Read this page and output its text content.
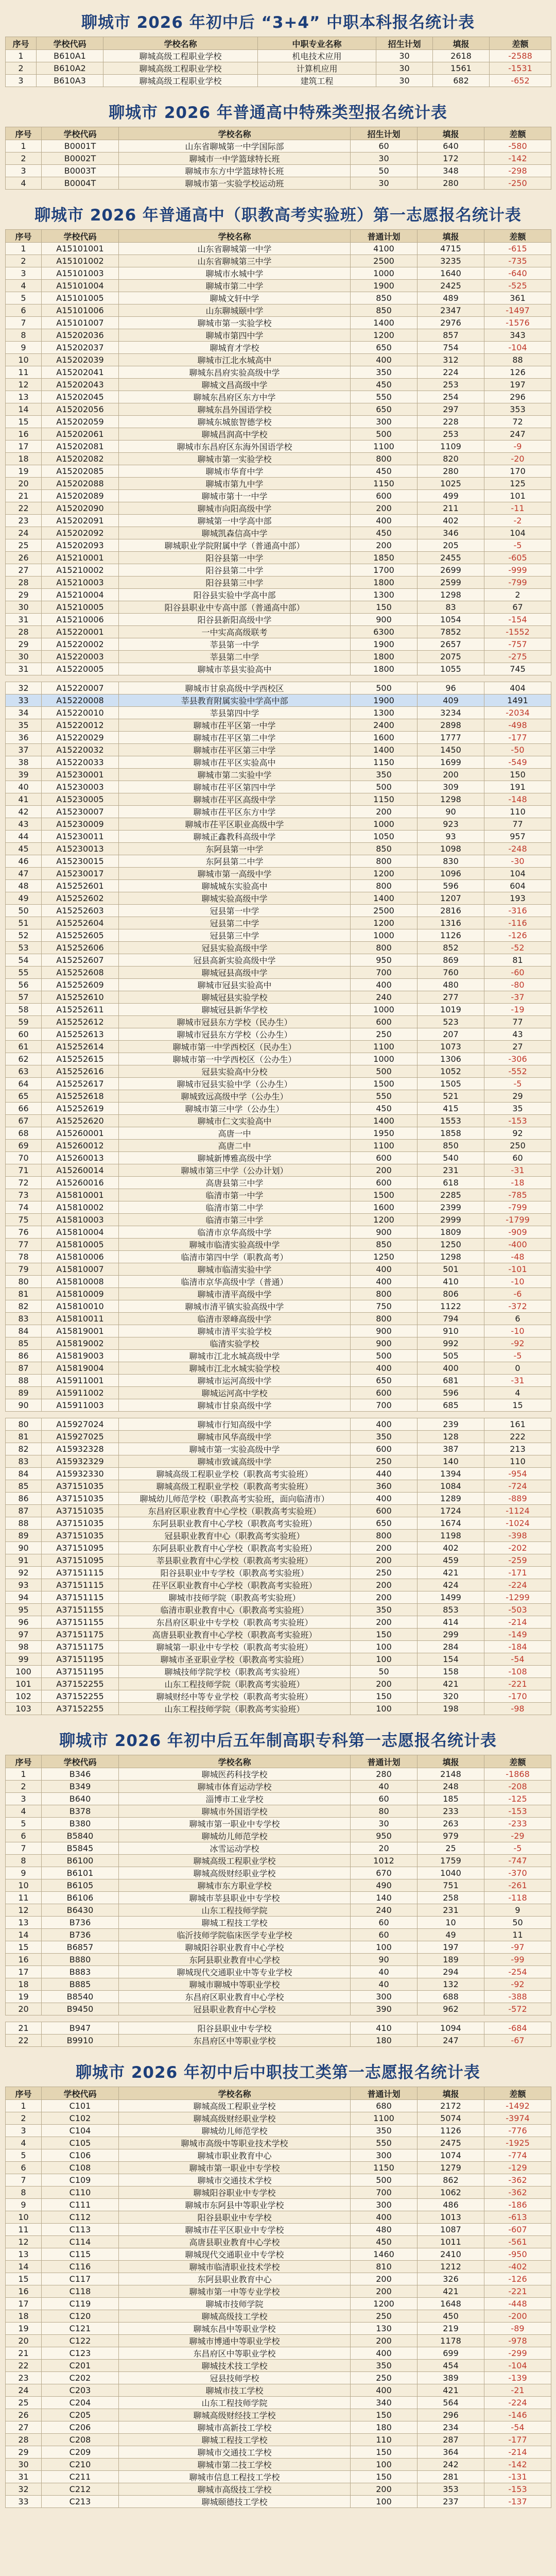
聊城市 2026 年初中后 “3+4” 中职本科报名统计表
序号	学校代码	学校名称	中职专业名称	招生计划	填报	差额
1	B610A1	聊城高级工程职业学校	机电技术应用	30	2618	-2588
2	B610A2	聊城高级工程职业学校	计算机应用	30	1561	-1531
3	B610A3	聊城高级工程职业学校	建筑工程	30	682	-652
聊城市 2026 年普通高中特殊类型报名统计表
序号	学校代码	学校名称	招生计划	填报	差额
1	B0001T	山东省聊城第一中学国际部	60	640	-580
2	B0002T	聊城市一中学篮球特长班	30	172	-142
3	B0003T	聊城市东方中学篮球特长班	50	348	-298
4	B0004T	聊城市第一实验学校运动班	30	280	-250
聊城市 2026 年普通高中（职教高考实验班）第一志愿报名统计表
序号	学校代码	学校名称	普通计划	填报	差额
1	A15101001	山东省聊城第一中学	4100	4715	-615
2	A15101002	山东省聊城第三中学	2500	3235	-735
3	A15101003	聊城市水城中学	1000	1640	-640
4	A15101004	聊城市第二中学	1900	2425	-525
5	A15101005	聊城文轩中学	850	489	361
6	A15101006	山东聊城颐中学	850	2347	-1497
7	A15101007	聊城市第一实验学校	1400	2976	-1576
8	A15202036	聊城市第四中学	1200	857	343
9	A15202037	聊城育才学校	650	754	-104
10	A15202039	聊城市江北水城高中	400	312	88
11	A15202041	聊城东昌府实验高级中学	350	224	126
12	A15202043	聊城文昌高级中学	450	253	197
13	A15202045	聊城东昌府区东方中学	550	254	296
14	A15202056	聊城东昌外国语学校	650	297	353
15	A15202059	聊城东城旅智德学校	300	228	72
16	A15202061	聊城昌润高中学校	500	253	247
17	A15202081	聊城市东昌府区东海外国语学校	1100	1109	-9
18	A15202082	聊城市第一实验学校	800	820	-20
19	A15202085	聊城市华育中学	450	280	170
20	A15202088	聊城市第九中学	1150	1025	125
21	A15202089	聊城市第十一中学	600	499	101
22	A15202090	聊城市向阳高级中学	200	211	-11
23	A15202091	聊城第一中学高中部	400	402	-2
24	A15202092	聊城凯森信高中学	450	346	104
25	A15202093	聊城职业学院附属中学（普通高中部）	200	205	-5
26	A15210001	阳谷县第一中学	1850	2455	-605
27	A15210002	阳谷县第二中学	1700	2699	-999
28	A15210003	阳谷县第三中学	1800	2599	-799
29	A15210004	阳谷县实验中学高中部	1300	1298	2
30	A15210005	阳谷县职业中专高中部（普通高中部）	150	83	67
31	A15210006	阳谷县新阳高级中学	900	1054	-154
28	A15220001	一中实高高级联考	6300	7852	-1552
29	A15220002	莘县第一中学	1900	2657	-757
30	A15220003	莘县第二中学	1800	2075	-275
31	A15220005	聊城市莘县实验高中	1800	1055	745
32	A15220007	聊城市甘泉高级中学西校区	500	96	404
33	A15220008	莘县教育附属实验中学高中部	1900	409	1491
34	A15220010	莘县第四中学	1300	3234	-2034
35	A15220012	聊城市茌平区第一中学	2400	2898	-498
36	A15220029	聊城市茌平区第二中学	1600	1777	-177
37	A15220032	聊城市茌平区第三中学	1400	1450	-50
38	A15220033	聊城市茌平区实验高中	1150	1699	-549
39	A15230001	聊城市第二实验中学	350	200	150
40	A15230003	聊城市茌平区第四中学	500	309	191
41	A15230005	聊城市茌平区高级中学	1150	1298	-148
42	A15230007	聊城市茌平区东方中学	200	90	110
43	A15230009	聊城市茌平区职业高级中学	1000	923	77
44	A15230011	聊城正鑫教科高级中学	1050	93	957
45	A15230013	东阿县第一中学	850	1098	-248
46	A15230015	东阿县第二中学	800	830	-30
47	A15230017	聊城市第一高级中学	1200	1096	104
48	A15252601	聊城城东实验高中	800	596	604
49	A15252602	聊城实验高级中学	1400	1207	193
50	A15252603	冠县第一中学	2500	2816	-316
51	A15252604	冠县第二中学	1200	1316	-116
52	A15252605	冠县第三中学	1000	1126	-126
53	A15252606	冠县实验高级中学	800	852	-52
54	A15252607	冠县高新实验高级中学	950	869	81
55	A15252608	聊城冠县高级中学	700	760	-60
56	A15252609	聊城市冠县实验高中	400	480	-80
57	A15252610	聊城冠县实验学校	240	277	-37
58	A15252611	聊城冠县新华学校	1000	1019	-19
59	A15252612	聊城市冠县东方学校（民办生）	600	523	77
60	A15252613	聊城市冠县东方学校（公办生）	250	207	43
61	A15252614	聊城市第一中学西校区（民办生）	1100	1073	27
62	A15252615	聊城市第一中学西校区（公办生）	1000	1306	-306
63	A15252616	冠县实验高中分校	500	1052	-552
64	A15252617	聊城市冠县实验中学（公办生）	1500	1505	-5
65	A15252618	聊城致远高级中学（公办生）	550	521	29
66	A15252619	聊城市第三中学（公办生）	450	415	35
67	A15252620	聊城市仁文实验高中	1400	1553	-153
68	A15260001	高唐一中	1950	1858	92
69	A15260012	高唐二中	1100	850	250
70	A15260013	聊城新博雅高级中学	600	540	60
71	A15260014	聊城市第三中学（公办计划）	200	231	-31
72	A15260016	高唐县第三中学	600	618	-18
73	A15810001	临清市第一中学	1500	2285	-785
74	A15810002	临清市第二中学	1600	2399	-799
75	A15810003	临清市第三中学	1200	2999	-1799
76	A15810004	临清市京华高级中学	900	1809	-909
77	A15810005	聊城市临清实验高级中学	850	1250	-400
78	A15810006	临清市第四中学（职教高考）	1250	1298	-48
79	A15810007	聊城市临清实验中学	400	501	-101
80	A15810008	临清市京华高级中学（普通）	400	410	-10
81	A15810009	聊城市清平高级中学	800	806	-6
82	A15810010	聊城市清平镇实验高级中学	750	1122	-372
83	A15810011	临清市翠峰高级中学	800	794	6
84	A15819001	聊城市清平实验学校	900	910	-10
85	A15819002	临清实验学校	900	992	-92
86	A15819003	聊城市江北水城高级中学	500	505	-5
87	A15819004	聊城市江北水城实验学校	400	400	0
88	A15911001	聊城市运河高级中学	650	681	-31
89	A15911002	聊城运河高中学校	600	596	4
90	A15911003	聊城市甘泉高级中学	700	685	15
80	A15927024	聊城市行知高级中学	400	239	161
81	A15927025	聊城市风华高级中学	350	128	222
82	A15932328	聊城市第一实验高级中学	600	387	213
83	A15932329	聊城市致诚高级中学	250	140	110
84	A15932330	聊城高级工程职业学校（职教高考实验班）	440	1394	-954
85	A37151035	聊城高级工程职业学校（职教高考实验班）	360	1084	-724
86	A37151035	聊城幼儿师范学校（职教高考实验班，面向临清市）	400	1289	-889
87	A37151035	东昌府区职业教育中心学校（职教高考实验班）	600	1724	-1124
88	A37151035	东阿县职业教育中心学校（职教高考实验班）	650	1674	-1024
89	A37151035	冠县职业教育中心（职教高考实验班）	800	1198	-398
90	A37151095	东阿县职业教育中心学校（职教高考实验班）	200	402	-202
91	A37151095	莘县职业教育中心学校（职教高考实验班）	200	459	-259
92	A37151115	阳谷县职业中专学校（职教高考实验班）	250	421	-171
93	A37151115	茌平区职业教育中心学校（职教高考实验班）	200	424	-224
94	A37151115	聊城市技师学院（职教高考实验班）	200	1499	-1299
95	A37151155	临清市职业教育中心（职教高考实验班）	350	853	-503
96	A37151155	东昌府区职业中专学校（职教高考实验班）	200	414	-214
97	A37151175	高唐县职业教育中心学校（职教高考实验班）	150	299	-149
98	A37151175	聊城第一职业中专学校（职教高考实验班）	100	284	-184
99	A37151195	聊城市圣亚职业学校（职教高考实验班）	100	154	-54
100	A37151195	聊城技师学院学校（职教高考实验班）	50	158	-108
101	A37152255	山东工程技师学院（职教高考实验班）	200	421	-221
102	A37152255	聊城财经中等专业学校（职教高考实验班）	150	320	-170
103	A37152255	山东工程技师学院（职教高考实验班）	100	198	-98
聊城市 2026 年初中后五年制高职专科第一志愿报名统计表
序号	学校代码	学校名称	普通计划	填报	差额
1	B346	聊城医药科技学校	280	2148	-1868
2	B349	聊城市体育运动学校	40	248	-208
3	B640	淄博市工业学校	60	185	-125
4	B378	聊城市外国语学校	80	233	-153
5	B380	聊城市第一职业中专学校	30	263	-233
6	B5840	聊城幼儿师范学校	950	979	-29
7	B5845	冰雪运动学校	20	25	-5
8	B6100	聊城高级工程职业学校	1012	1759	-747
9	B6101	聊城高级财经职业学校	670	1040	-370
10	B6105	聊城市东方职业学校	490	751	-261
11	B6106	聊城市莘县职业中专学校	140	258	-118
12	B6430	山东工程技师学院	240	231	9
13	B736	聊城工程技工学校	60	10	50
14	B736	临沂技师学院临床医学专业学校	60	49	11
15	B6857	聊城阳谷职业教育中心学校	100	197	-97
16	B880	东阿县职业教育中心学校	90	189	-99
17	B883	聊城现代交通职业中等专业学校	40	294	-254
18	B885	聊城市聊城中等职业学校	40	132	-92
19	B8540	东昌府区职业教育中心学校	300	688	-388
20	B9450	冠县职业教育中心学校	390	962	-572
21	B947	阳谷县职业中专学校	410	1094	-684
22	B9910	东昌府区中等职业学校	180	247	-67
聊城市 2026 年初中后中职技工类第一志愿报名统计表
序号	学校代码	学校名称	普通计划	填报	差额
1	C101	聊城高级工程职业学校	680	2172	-1492
2	C102	聊城高级财经职业学校	1100	5074	-3974
3	C104	聊城幼儿师范学校	350	1126	-776
4	C105	聊城市高级中等职业技术学校	550	2475	-1925
5	C106	聊城市职业教育中心	300	1074	-774
6	C108	聊城市第一职业中专学校	1150	1279	-129
7	C109	聊城市交通技术学校	500	862	-362
8	C110	聊城阳谷职业中专学校	700	1062	-362
9	C111	聊城市东阿县中等职业学校	300	486	-186
10	C112	阳谷县职业中专学校	400	1013	-613
11	C113	聊城市茌平区职业中专学校	480	1087	-607
12	C114	高唐县职业教育中心学校	450	1011	-561
13	C115	聊城现代交通职业中专学校	1460	2410	-950
14	C116	聊城市临清职业技术学校	810	1212	-402
15	C117	东阿县职业教育中心	200	326	-126
16	C118	聊城市第一中等专业学校	200	421	-221
17	C119	聊城市技师学院	1200	1648	-448
18	C120	聊城高级技工学校	250	450	-200
19	C121	聊城东昌中等职业学校	130	219	-89
20	C122	聊城市博通中等职业学校	200	1178	-978
21	C123	东昌府区中等职业学校	400	699	-299
22	C201	聊城技术技工学校	350	454	-104
23	C202	冠县技师学校	250	389	-139
24	C203	聊城市技工学校	400	421	-21
25	C204	山东工程技师学院	340	564	-224
26	C205	聊城高级财经技工学校	150	296	-146
27	C206	聊城市高新技工学校	180	234	-54
28	C208	聊城工程技工学校	110	287	-177
29	C209	聊城市交通技工学校	150	364	-214
30	C210	聊城市第二技工学校	100	242	-142
31	C211	聊城市信息工程技工学校	150	281	-131
32	C212	聊城市高级技工学校	200	353	-153
33	C213	聊城颐德技工学校	100	237	-137
